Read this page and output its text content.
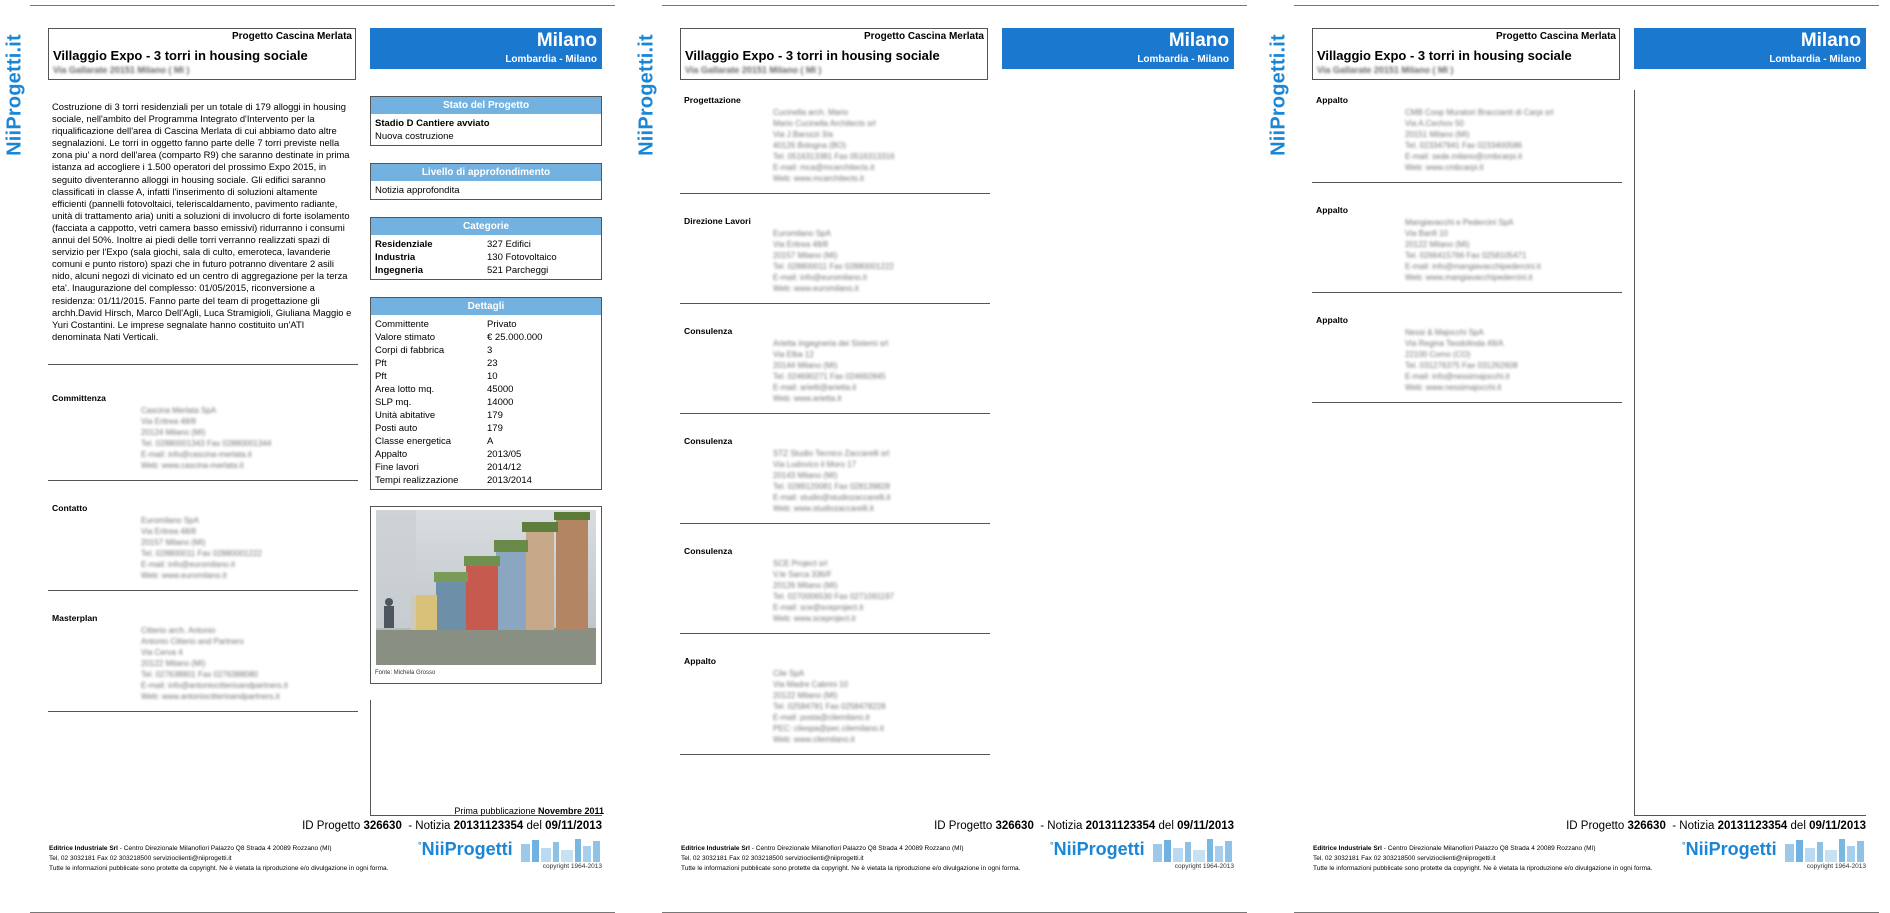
NiiProgetti.it	Progetto Cascina Merlata
Villaggio Expo - 3 torri in housing sociale
Via Gallarate 20151 Milano ( MI )
Milano
Lombardia - Milano
Costruzione di 3 torri residenziali per un totale di 179 alloggi in housing sociale, nell'ambito del Programma Integrato d'Intervento per la riqualificazione dell'area di Cascina Merlata di cui abbiamo dato altre segnalazioni. Le torri in oggetto fanno parte delle 7 torri previste nella zona piu' a nord dell'area (comparto R9) che saranno destinate in prima istanza ad accogliere i 1.500 operatori del prossimo Expo 2015, in seguito diventeranno alloggi in housing sociale. Gli edifici saranno classificati in classe A, infatti l'inserimento di soluzioni altamente efficienti (pannelli fotovoltaici, teleriscaldamento, pavimento radiante, unità di trattamento aria) uniti a soluzioni di involucro di forte isolamento (facciata a cappotto, vetri camera basso emissivi) ridurranno i consumi annui del 50%. Inoltre ai piedi delle torri verranno realizzati spazi di servizio per l'Expo (sala giochi, sala di culto, emeroteca, lavanderie comuni e punto ristoro) spazi che in futuro potranno diventare 2 asili nido, alcuni negozi di vicinato ed un centro di aggregazione per la terza eta'. Inaugurazione del complesso: 01/05/2015, riconversione a residenza: 01/11/2015. Fanno parte del team di progettazione gli archh.David Hirsch, Marco Dell'Agli, Luca Stramigioli, Giuliana Maggio e Yuri Costantini. Le imprese segnalate hanno costituito un'ATI denominata Nati Verticali.
Stato del Progetto
Stadio D Cantiere avviato
Nuova costruzione
Livello di approfondimento
Notizia approfondita
Categorie
Residenziale	327 Edifici
Industria	130 Fotovoltaico
Ingegneria	521 Parcheggi
Dettagli
Committente	Privato
Valore stimato	€ 25.000.000
Corpi di fabbrica	3
Pft	23
Pft	10
Area lotto mq.	45000
SLP mq.	14000
Unità abitative	179
Posti auto	179
Classe energetica	A
Appalto	2013/05
Fine lavori	2014/12
Tempi realizzazione	2013/2014
Fonte: Michela Grosso
Prima pubblicazione Novembre 2011
ID Progetto 326630  - Notizia 20131123354 del 09/11/2013
Editrice Industriale Srl - Centro Direzionale Milanofiori Palazzo Q8 Strada 4 20089 Rozzano (MI)
Tel. 02 3032181 Fax 02 303218500 servizioclienti@niiprogetti.it
Tutte le informazioni pubblicate sono protette da copyright. Ne è vietata la riproduzione e/o divulgazione in ogni forma.
°NiiProgetti
copyright 1964-2013
Committenza
Cascina Merlata SpA
Via Eritrea 48/8
20124 Milano (MI)
Tel. 02880001343 Fax 02880001344
E-mail: info@cascina-merlata.it
Web: www.cascina-merlata.it
Contatto
Euromilano SpA
Via Eritrea 48/8
20157 Milano (MI)
Tel. 028800011 Fax 02880001222
E-mail: info@euromilano.it
Web: www.euromilano.it
Masterplan
Citterio arch. Antonio
Antonio Citterio and Partners
Via Cerva 4
20122 Milano (MI)
Tel. 027638801 Fax 0276388080
E-mail: info@antoniocitterioandpartners.it
Web: www.antoniocitterioandpartners.it
NiiProgetti.it	Progetto Cascina Merlata
Villaggio Expo - 3 torri in housing sociale
Via Gallarate 20151 Milano ( MI )
Milano
Lombardia - Milano
ID Progetto 326630  - Notizia 20131123354 del 09/11/2013
Editrice Industriale Srl - Centro Direzionale Milanofiori Palazzo Q8 Strada 4 20089 Rozzano (MI)
Tel. 02 3032181 Fax 02 303218500 servizioclienti@niiprogetti.it
Tutte le informazioni pubblicate sono protette da copyright. Ne è vietata la riproduzione e/o divulgazione in ogni forma.
°NiiProgetti
copyright 1964-2013
Progettazione
Cucinella arch. Mario
Mario Cucinella Architects srl
Via J.Barozzi 3/a
40126 Bologna (BO)
Tel. 0516313381 Fax 0516313316
E-mail: mca@mcarchitects.it
Web: www.mcarchitects.it
Direzione Lavori
Euromilano SpA
Via Eritrea 48/8
20157 Milano (MI)
Tel. 028800011 Fax 02880001222
E-mail: info@euromilano.it
Web: www.euromilano.it
Consulenza
Arietta Ingegneria dei Sistemi srl
Via Elba 12
20144 Milano (MI)
Tel. 024690271 Fax 024692845
E-mail: arietti@arietta.it
Web: www.arietta.it
Consulenza
STZ Studio Tecnico Zaccarelli srl
Via Ludovico il Moro 17
20143 Milano (MI)
Tel. 0289120081 Fax 028139828
E-mail: studio@studiozaccarelli.it
Web: www.studiozaccarelli.it
Consulenza
SCE Project srl
V.le Sarca 336/F
20126 Milano (MI)
Tel. 0270006530 Fax 0271091197
E-mail: sce@sceproject.it
Web: www.sceproject.it
Appalto
Cile SpA
Via Madre Cabrini 10
20122 Milano (MI)
Tel. 02584781 Fax 0258478228
E-mail: posta@cilemilano.it
PEC: cilespa@pec.cilemilano.it
Web: www.cilemilano.it
NiiProgetti.it	Progetto Cascina Merlata
Villaggio Expo - 3 torri in housing sociale
Via Gallarate 20151 Milano ( MI )
Milano
Lombardia - Milano
ID Progetto 326630  - Notizia 20131123354 del 09/11/2013
Editrice Industriale Srl - Centro Direzionale Milanofiori Palazzo Q8 Strada 4 20089 Rozzano (MI)
Tel. 02 3032181 Fax 02 303218500 servizioclienti@niiprogetti.it
Tutte le informazioni pubblicate sono protette da copyright. Ne è vietata la riproduzione e/o divulgazione in ogni forma.
°NiiProgetti
copyright 1964-2013
Appalto
CMB Coop Muratori Braccianti di Carpi srl
Via A.Cechov 50
20151 Milano (MI)
Tel. 023347941 Fax 0233400586
E-mail: sede.milano@cmbcarpi.it
Web: www.cmbcarpi.it
Appalto
Mangiavacchi e Pedercini SpA
Via Banfi 10
20122 Milano (MI)
Tel. 0266415766 Fax 0258105471
E-mail: info@mangiavacchipedercini.it
Web: www.mangiavacchipedercini.it
Appalto
Nessi & Majocchi SpA
Via Regina Teodolinda 49/A
22100 Como (CO)
Tel. 031276375 Fax 031262608
E-mail: info@nessimajocchi.it
Web: www.nessimajocchi.it
